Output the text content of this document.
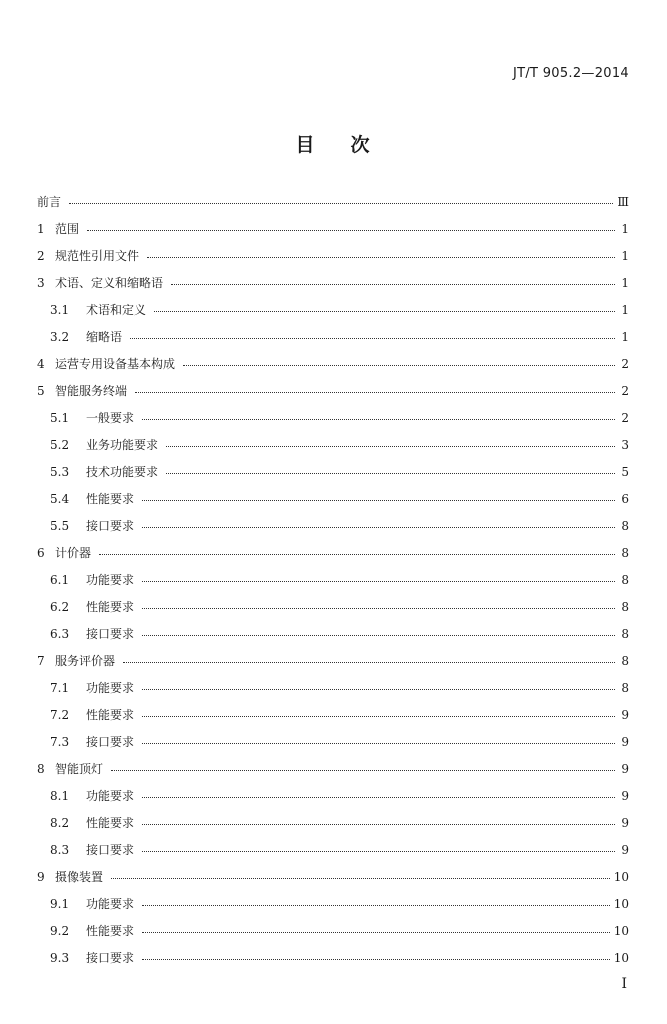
JT/T 905.2—2014
目 次
前言	Ⅲ
1 范围	1
2 规范性引用文件	1
3 术语、定义和缩略语	1
3.1	术语和定义	1
3.2	缩略语	1
4 运营专用设备基本构成	2
5 智能服务终端	2
5.1	一般要求	2
5.2	业务功能要求	3
5.3	技术功能要求	5
5.4	性能要求	6
5.5	接口要求	8
6 计价器	8
6.1	功能要求	8
6.2	性能要求	8
6.3	接口要求	8
7 服务评价器	8
7.1	功能要求	8
7.2	性能要求	9
7.3	接口要求	9
8 智能顶灯	9
8.1	功能要求	9
8.2	性能要求	9
8.3	接口要求	9
9 摄像装置	10
9.1	功能要求	10
9.2	性能要求	10
9.3	接口要求	10
I
